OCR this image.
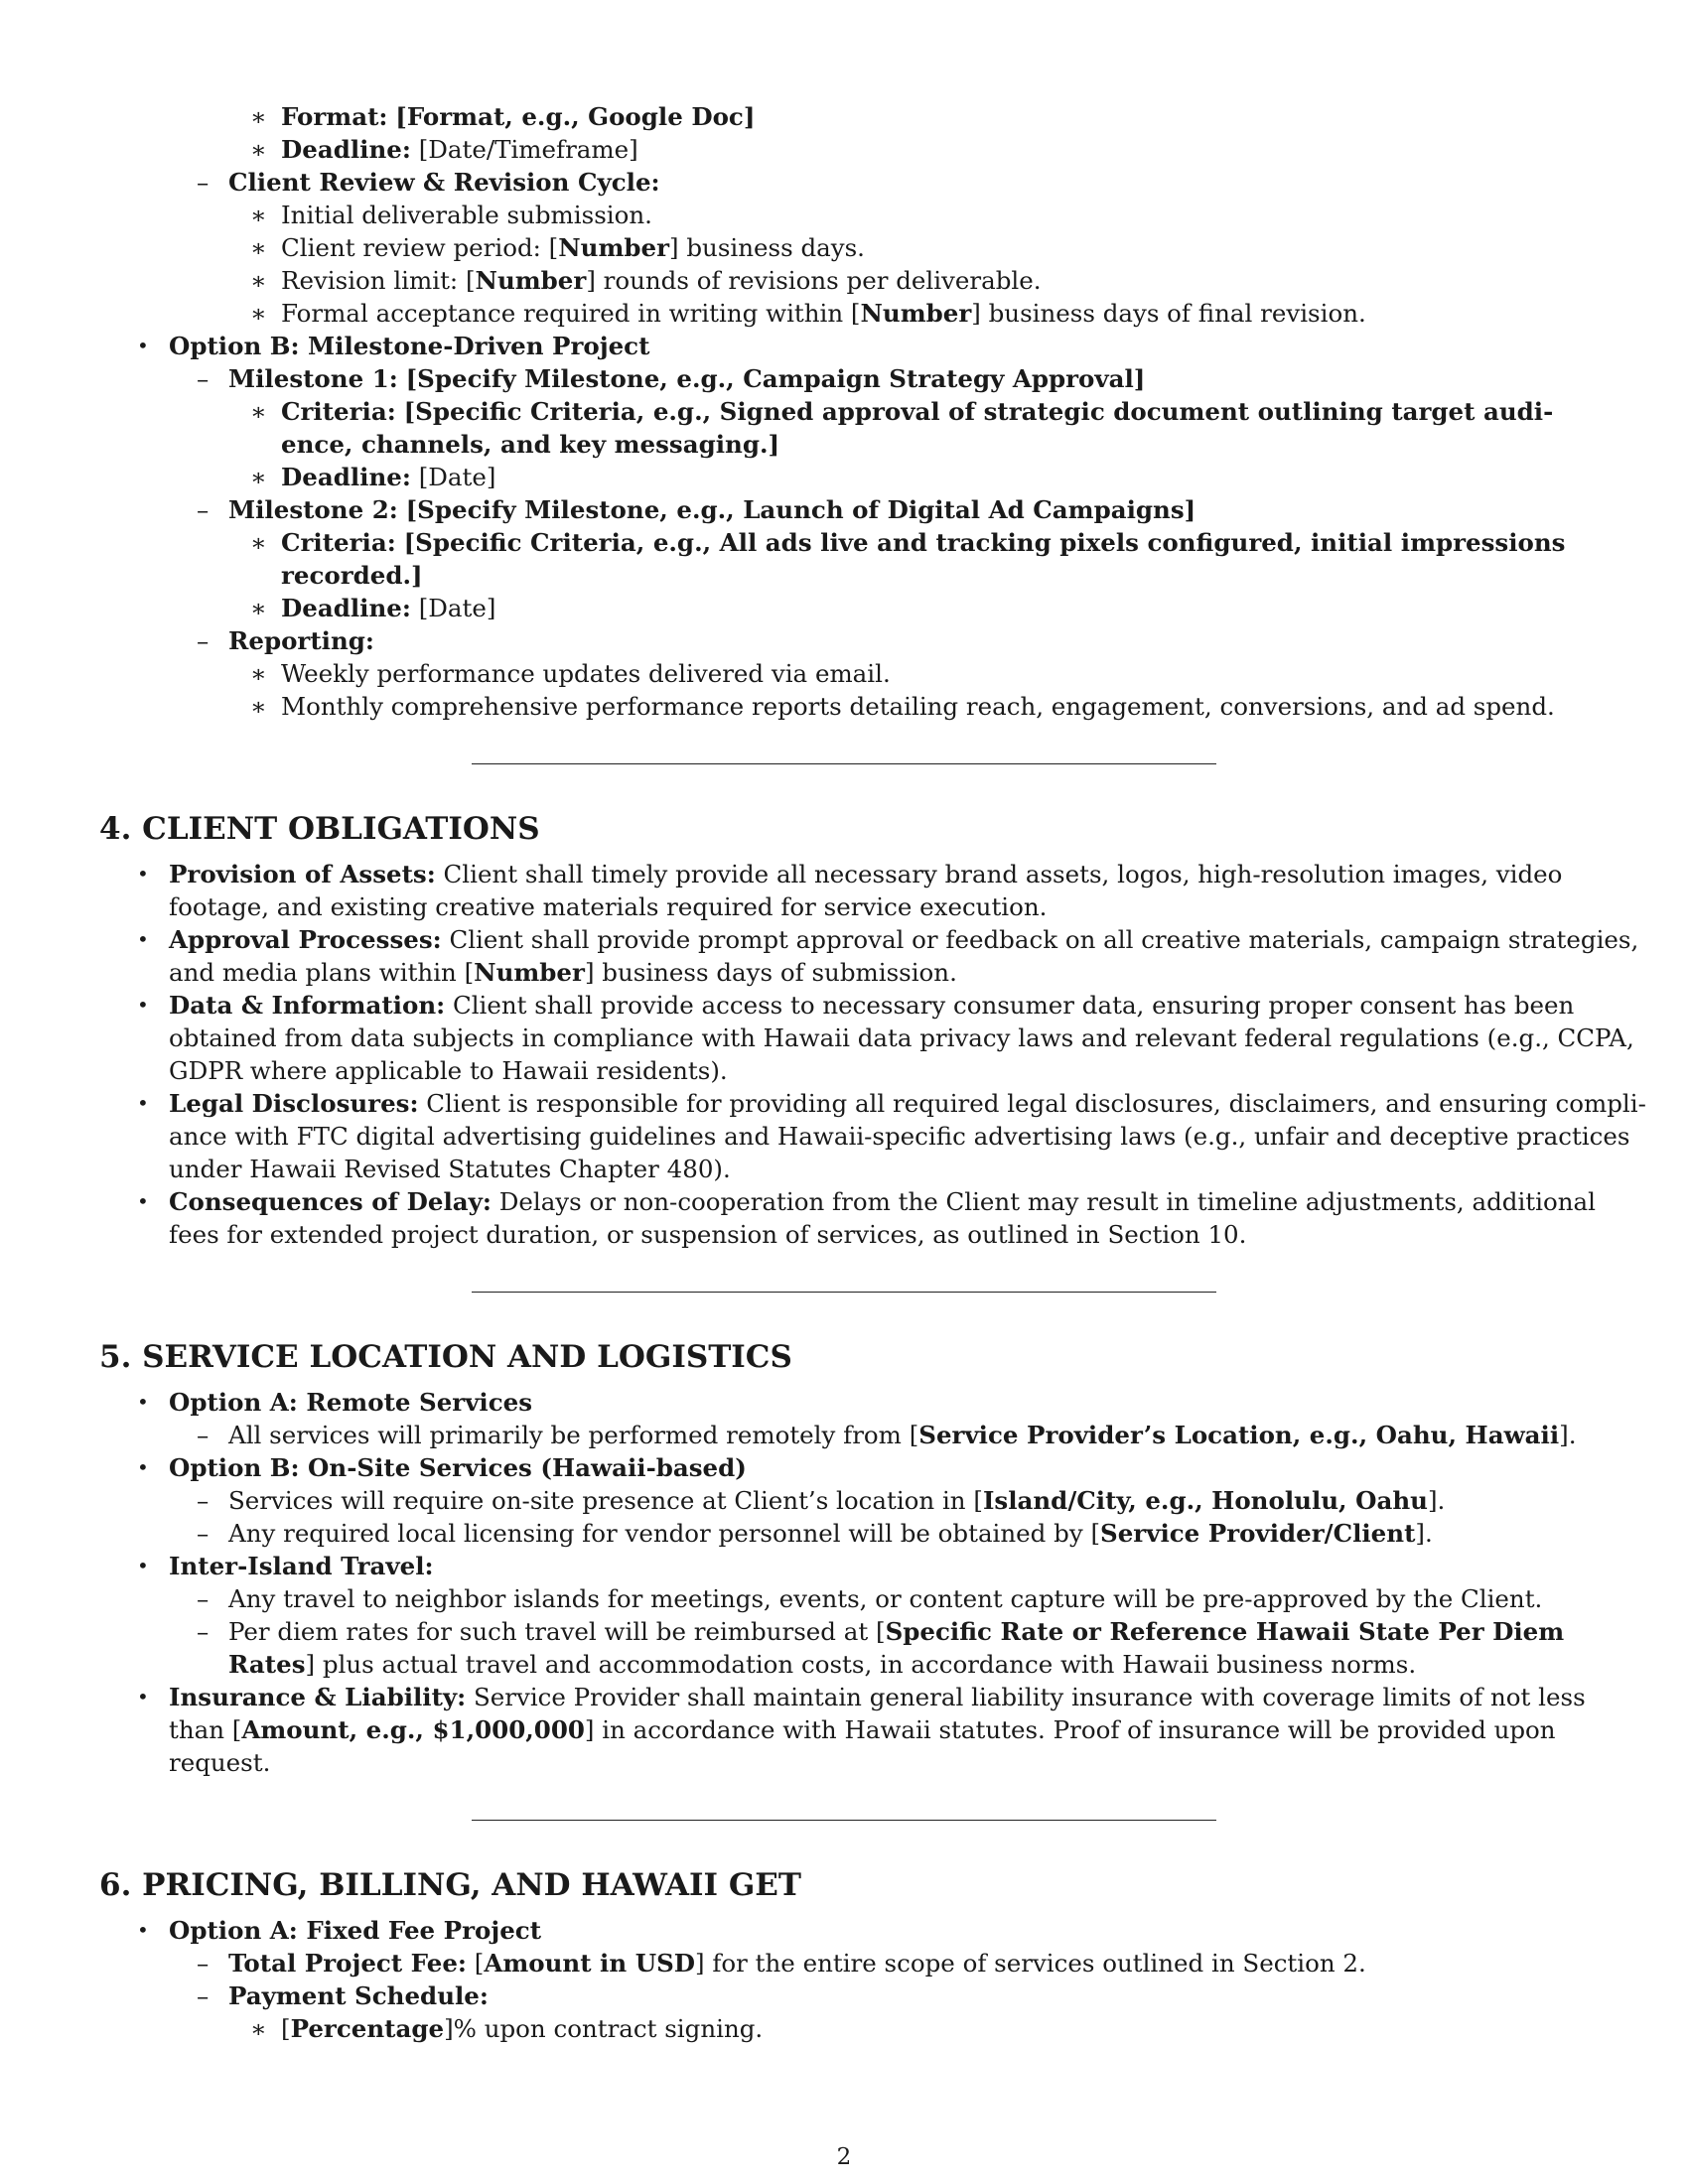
∗ Format: [Format, e.g., Google Doc]
∗ Deadline: [Date/Timeframe]
– Client Review & Revision Cycle:
∗ Initial deliverable submission.
∗ Client review period: [Number] business days.
∗ Revision limit: [Number] rounds of revisions per deliverable.
∗ Formal acceptance required in writing within [Number] business days of final revision.
• Option B: Milestone-Driven Project
– Milestone 1: [Specify Milestone, e.g., Campaign Strategy Approval]
∗ Criteria: [Specific Criteria, e.g., Signed approval of strategic document outlining target audi-
ence, channels, and key messaging.]
∗ Deadline: [Date]
– Milestone 2: [Specify Milestone, e.g., Launch of Digital Ad Campaigns]
∗ Criteria: [Specific Criteria, e.g., All ads live and tracking pixels configured, initial impressions
recorded.]
∗ Deadline: [Date]
– Reporting:
∗ Weekly performance updates delivered via email.
∗ Monthly comprehensive performance reports detailing reach, engagement, conversions, and ad spend.
4. CLIENT OBLIGATIONS
• Provision of Assets: Client shall timely provide all necessary brand assets, logos, high-resolution images, video
footage, and existing creative materials required for service execution.
• Approval Processes: Client shall provide prompt approval or feedback on all creative materials, campaign strategies,
and media plans within [Number] business days of submission.
• Data & Information: Client shall provide access to necessary consumer data, ensuring proper consent has been
obtained from data subjects in compliance with Hawaii data privacy laws and relevant federal regulations (e.g., CCPA,
GDPR where applicable to Hawaii residents).
• Legal Disclosures: Client is responsible for providing all required legal disclosures, disclaimers, and ensuring compli-
ance with FTC digital advertising guidelines and Hawaii-specific advertising laws (e.g., unfair and deceptive practices
under Hawaii Revised Statutes Chapter 480).
• Consequences of Delay: Delays or non-cooperation from the Client may result in timeline adjustments, additional
fees for extended project duration, or suspension of services, as outlined in Section 10.
5. SERVICE LOCATION AND LOGISTICS
• Option A: Remote Services
– All services will primarily be performed remotely from [Service Provider’s Location, e.g., Oahu, Hawaii].
• Option B: On-Site Services (Hawaii-based)
– Services will require on-site presence at Client’s location in [Island/City, e.g., Honolulu, Oahu].
– Any required local licensing for vendor personnel will be obtained by [Service Provider/Client].
• Inter-Island Travel:
– Any travel to neighbor islands for meetings, events, or content capture will be pre-approved by the Client.
– Per diem rates for such travel will be reimbursed at [Specific Rate or Reference Hawaii State Per Diem
Rates] plus actual travel and accommodation costs, in accordance with Hawaii business norms.
• Insurance & Liability: Service Provider shall maintain general liability insurance with coverage limits of not less
than [Amount, e.g., $1,000,000] in accordance with Hawaii statutes. Proof of insurance will be provided upon
request.
6. PRICING, BILLING, AND HAWAII GET
• Option A: Fixed Fee Project
– Total Project Fee: [Amount in USD] for the entire scope of services outlined in Section 2.
– Payment Schedule:
∗ [Percentage]% upon contract signing.
2
